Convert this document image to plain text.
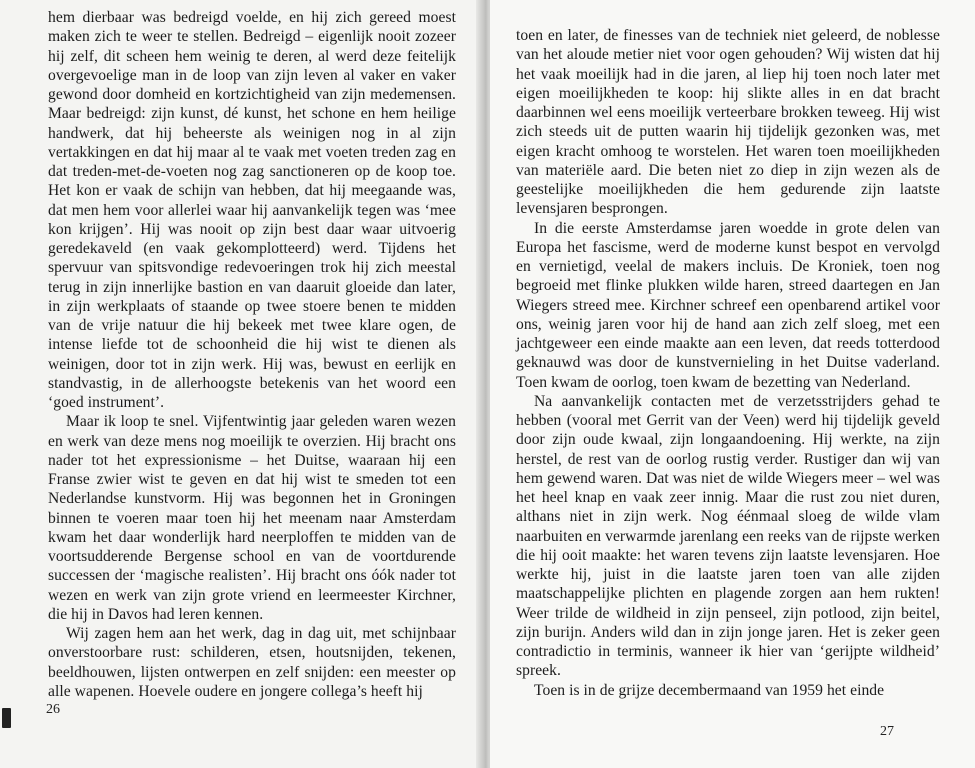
hem dierbaar was bedreigd voelde, en hij zich gereed moest maken zich te weer te stellen. Bedreigd – eigenlijk nooit zozeer hij zelf, dit scheen hem weinig te deren, al werd deze feitelijk overgevoelige man in de loop van zijn leven al vaker en vaker gewond door domheid en kortzichtigheid van zijn medemensen. Maar bedreigd: zijn kunst, dé kunst, het schone en hem heilige handwerk, dat hij beheerste als weinigen nog in al zijn vertakkingen en dat hij maar al te vaak met voeten treden zag en dat treden-met-de-voeten nog zag sanctioneren op de koop toe. Het kon er vaak de schijn van hebben, dat hij meegaande was, dat men hem voor allerlei waar hij aanvankelijk tegen was ‘mee kon krijgen’. Hij was nooit op zijn best daar waar uitvoerig geredekaveld (en vaak gekomplotteerd) werd. Tijdens het spervuur van spitsvondige redevoeringen trok hij zich meestal terug in zijn innerlijke bastion en van daaruit gloeide dan later, in zijn werkplaats of staande op twee stoere benen te midden van de vrije natuur die hij bekeek met twee klare ogen, de intense liefde tot de schoonheid die hij wist te dienen als weinigen, door tot in zijn werk. Hij was, bewust en eerlijk en standvastig, in de allerhoogste betekenis van het woord een ‘goed instrument’.

Maar ik loop te snel. Vijfentwintig jaar geleden waren wezen en werk van deze mens nog moeilijk te overzien. Hij bracht ons nader tot het expressionisme – het Duitse, waaraan hij een Franse zwier wist te geven en dat hij wist te smeden tot een Nederlandse kunstvorm. Hij was begonnen het in Groningen binnen te voeren maar toen hij het meenam naar Amsterdam kwam het daar wonderlijk hard neerploffen te midden van de voortsudderende Bergense school en van de voortdurende successen der ‘magische realisten’. Hij bracht ons óók nader tot wezen en werk van zijn grote vriend en leermeester Kirchner, die hij in Davos had leren kennen.

Wij zagen hem aan het werk, dag in dag uit, met schijnbaar onverstoorbare rust: schilderen, etsen, houtsnijden, tekenen, beeldhouwen, lijsten ontwerpen en zelf snijden: een meester op alle wapenen. Hoevele oudere en jongere collega’s heeft hij

26

toen en later, de finesses van de techniek niet geleerd, de noblesse van het aloude metier niet voor ogen gehouden? Wij wisten dat hij het vaak moeilijk had in die jaren, al liep hij toen noch later met eigen moeilijkheden te koop: hij slikte alles in en dat bracht daarbinnen wel eens moeilijk verteerbare brokken teweeg. Hij wist zich steeds uit de putten waarin hij tijdelijk gezonken was, met eigen kracht omhoog te worstelen. Het waren toen moeilijkheden van materiële aard. Die beten niet zo diep in zijn wezen als de geestelijke moeilijkheden die hem gedurende zijn laatste levensjaren besprongen.

In die eerste Amsterdamse jaren woedde in grote delen van Europa het fascisme, werd de moderne kunst bespot en vervolgd en vernietigd, veelal de makers incluis. De Kroniek, toen nog begroeid met flinke plukken wilde haren, streed daartegen en Jan Wiegers streed mee. Kirchner schreef een openbarend artikel voor ons, weinig jaren voor hij de hand aan zich zelf sloeg, met een jachtgeweer een einde maakte aan een leven, dat reeds totterdood geknauwd was door de kunstvernieling in het Duitse vaderland. Toen kwam de oorlog, toen kwam de bezetting van Nederland.

Na aanvankelijk contacten met de verzetsstrijders gehad te hebben (vooral met Gerrit van der Veen) werd hij tijdelijk geveld door zijn oude kwaal, zijn longaandoening. Hij werkte, na zijn herstel, de rest van de oorlog rustig verder. Rustiger dan wij van hem gewend waren. Dat was niet de wilde Wiegers meer – wel was het heel knap en vaak zeer innig. Maar die rust zou niet duren, althans niet in zijn werk. Nog éénmaal sloeg de wilde vlam naarbuiten en verwarmde jarenlang een reeks van de rijpste werken die hij ooit maakte: het waren tevens zijn laatste levensjaren. Hoe werkte hij, juist in die laatste jaren toen van alle zijden maatschappelijke plichten en plagende zorgen aan hem rukten! Weer trilde de wildheid in zijn penseel, zijn potlood, zijn beitel, zijn burijn. Anders wild dan in zijn jonge jaren. Het is zeker geen contradictio in terminis, wanneer ik hier van ‘gerijpte wildheid’ spreek.

Toen is in de grijze decembermaand van 1959 het einde

27
